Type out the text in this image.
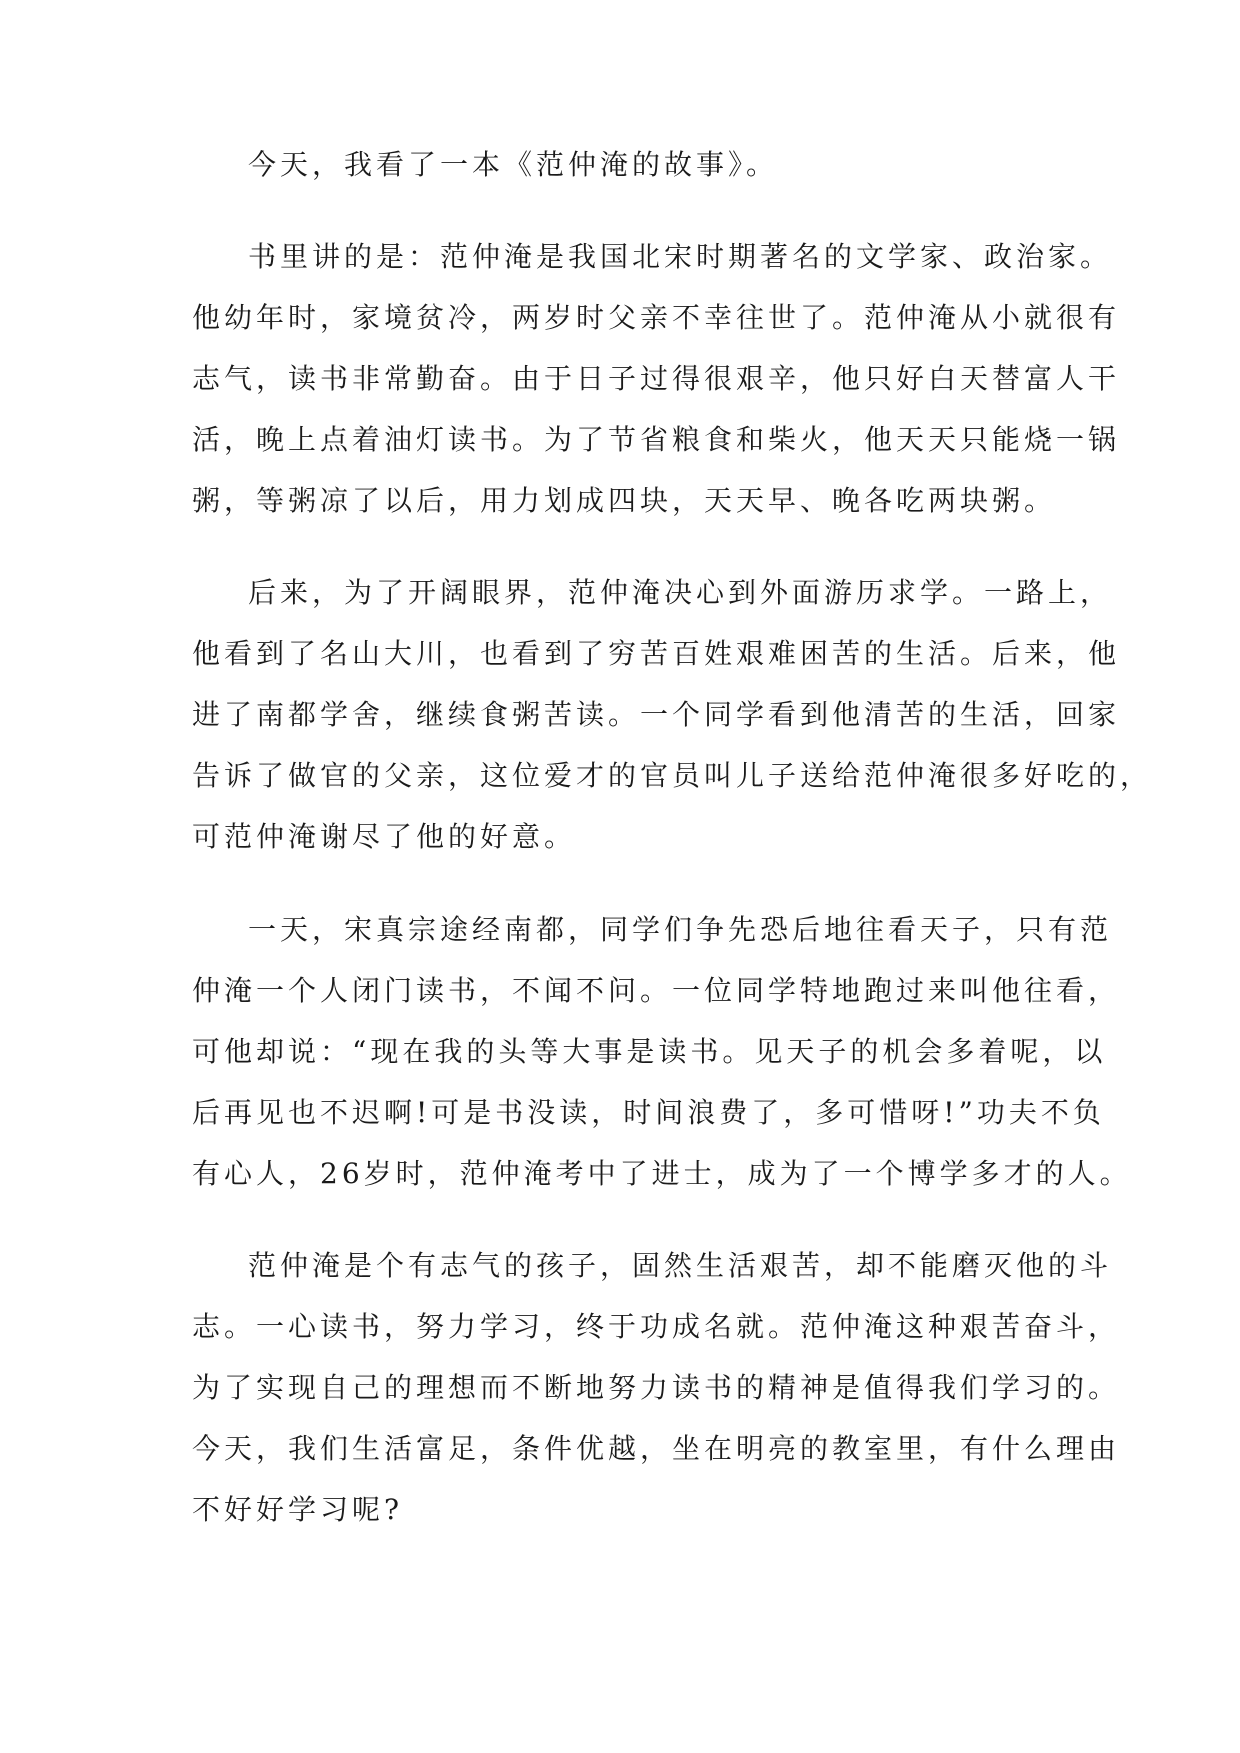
今天，我看了一本《范仲淹的故事》。

书里讲的是：范仲淹是我国北宋时期著名的文学家、政治家。

他幼年时，家境贫冷，两岁时父亲不幸往世了。范仲淹从小就很有

志气，读书非常勤奋。由于日子过得很艰辛，他只好白天替富人干

活，晚上点着油灯读书。为了节省粮食和柴火，他天天只能烧一锅

粥，等粥凉了以后，用力划成四块，天天早、晚各吃两块粥。

后来，为了开阔眼界，范仲淹决心到外面游历求学。一路上，

他看到了名山大川，也看到了穷苦百姓艰难困苦的生活。后来，他

进了南都学舍，继续食粥苦读。一个同学看到他清苦的生活，回家

告诉了做官的父亲，这位爱才的官员叫儿子送给范仲淹很多好吃的，

可范仲淹谢尽了他的好意。

一天，宋真宗途经南都，同学们争先恐后地往看天子，只有范

仲淹一个人闭门读书，不闻不问。一位同学特地跑过来叫他往看，

可他却说：“现在我的头等大事是读书。见天子的机会多着呢，以

后再见也不迟啊!可是书没读，时间浪费了，多可惜呀!”功夫不负

有心人，26岁时，范仲淹考中了进士，成为了一个博学多才的人。

范仲淹是个有志气的孩子，固然生活艰苦，却不能磨灭他的斗

志。一心读书，努力学习，终于功成名就。范仲淹这种艰苦奋斗，

为了实现自己的理想而不断地努力读书的精神是值得我们学习的。

今天，我们生活富足，条件优越，坐在明亮的教室里，有什么理由

不好好学习呢?
